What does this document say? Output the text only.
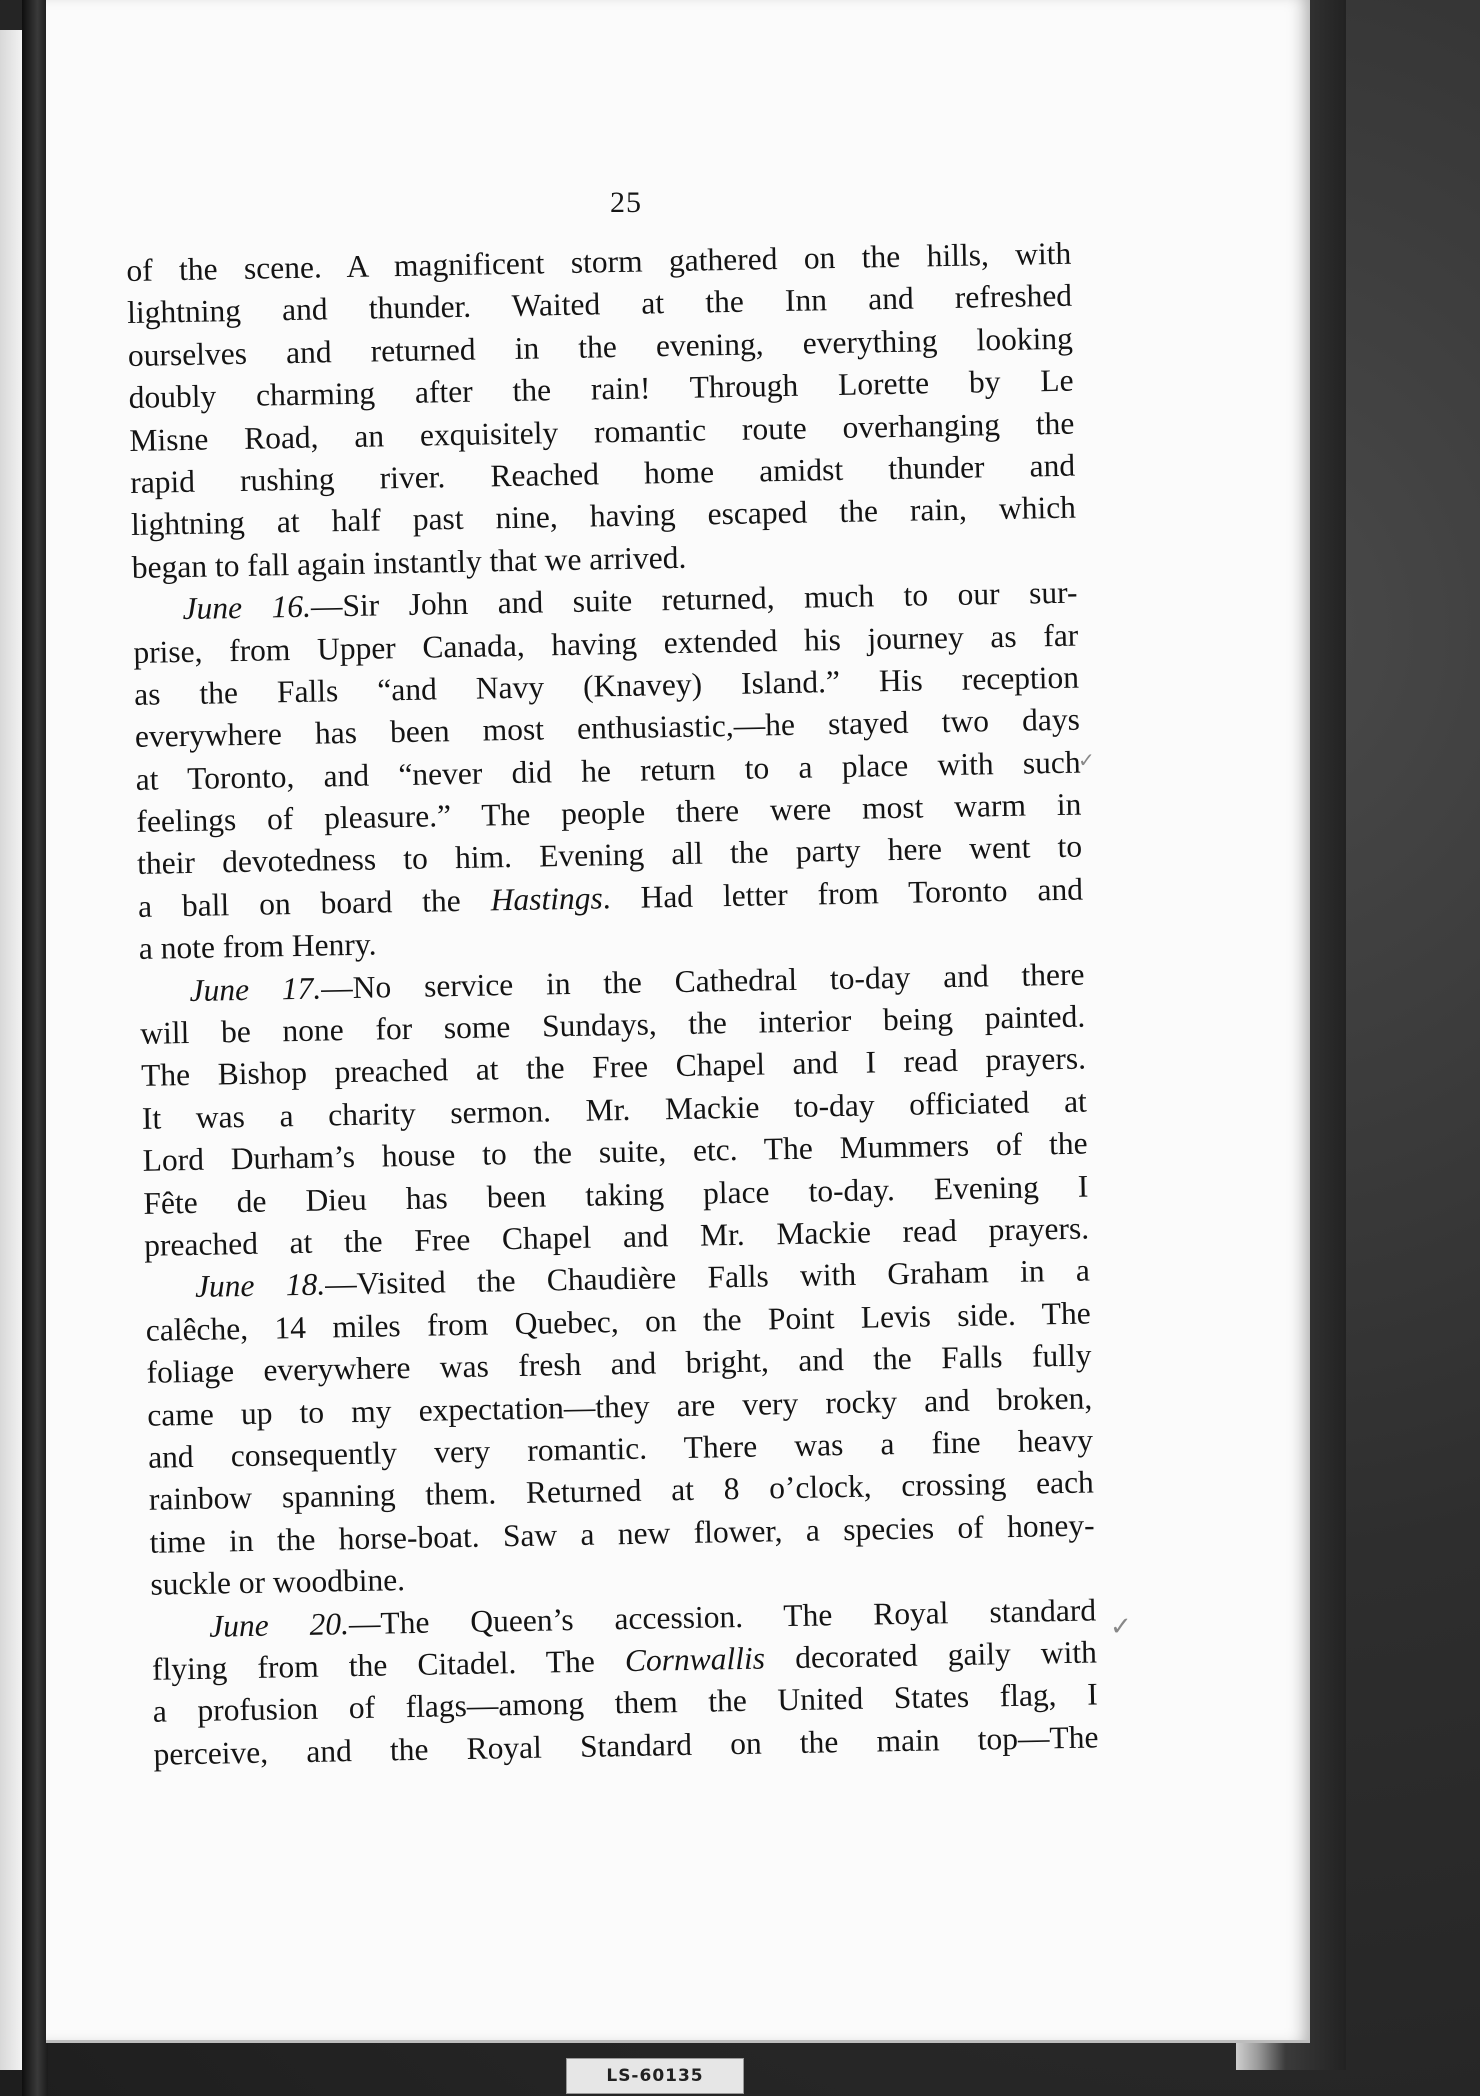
25
of the scene. A magnificent storm gathered on the hills, with
lightning and thunder. Waited at the Inn and refreshed
ourselves and returned in the evening, everything looking
doubly charming after the rain! Through Lorette by Le
Misne Road, an exquisitely romantic route overhanging the
rapid rushing river. Reached home amidst thunder and
lightning at half past nine, having escaped the rain, which
began to fall again instantly that we arrived.
June 16.—Sir John and suite returned, much to our sur-
prise, from Upper Canada, having extended his journey as far
as the Falls “and Navy (Knavey) Island.” His reception
everywhere has been most enthusiastic,—he stayed two days
at Toronto, and “never did he return to a place with such
feelings of pleasure.” The people there were most warm in
their devotedness to him. Evening all the party here went to
a ball on board the Hastings. Had letter from Toronto and
a note from Henry.
June 17.—No service in the Cathedral to-day and there
will be none for some Sundays, the interior being painted.
The Bishop preached at the Free Chapel and I read prayers.
It was a charity sermon. Mr. Mackie to-day officiated at
Lord Durham’s house to the suite, etc. The Mummers of the
Fête de Dieu has been taking place to-day. Evening I
preached at the Free Chapel and Mr. Mackie read prayers.
June 18.—Visited the Chaudière Falls with Graham in a
calêche, 14 miles from Quebec, on the Point Levis side. The
foliage everywhere was fresh and bright, and the Falls fully
came up to my expectation—they are very rocky and broken,
and consequently very romantic. There was a fine heavy
rainbow spanning them. Returned at 8 o’clock, crossing each
time in the horse-boat. Saw a new flower, a species of honey-
suckle or woodbine.
June 20.—The Queen’s accession. The Royal standard
flying from the Citadel. The Cornwallis decorated gaily with
a profusion of flags—among them the United States flag, I
perceive, and the Royal Standard on the main top—The
✓
✓
LS-60135
